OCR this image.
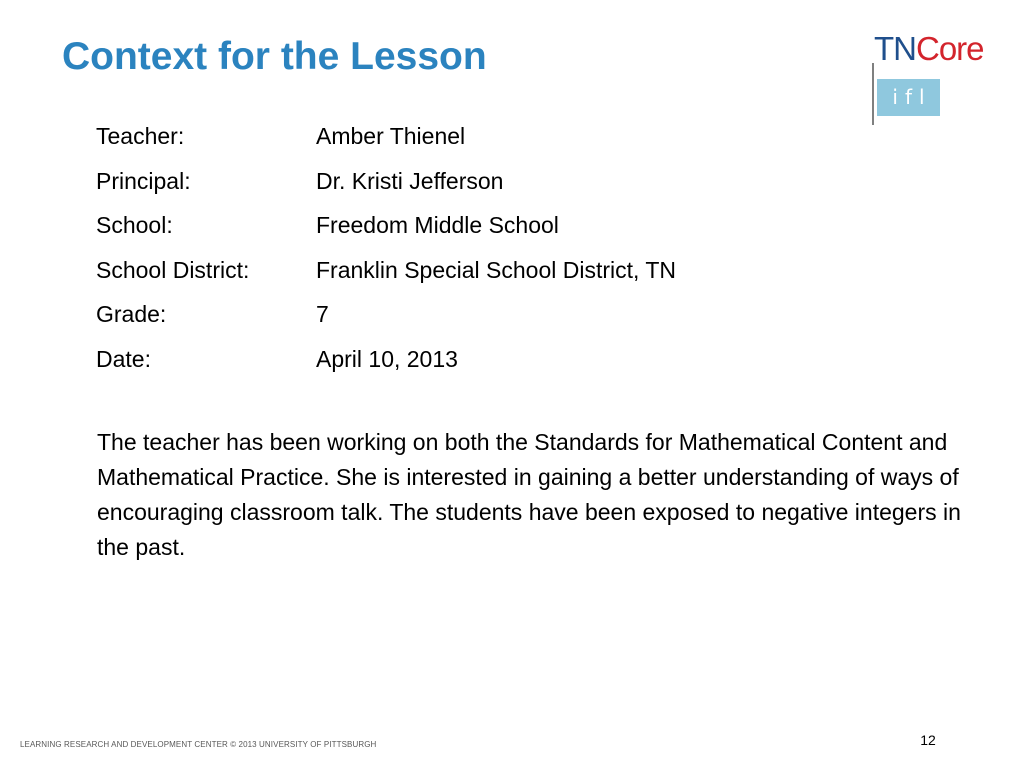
Context for the Lesson	TNCore
ifl
Teacher:	Amber Thienel
Principal:	Dr. Kristi Jefferson
School:	Freedom Middle School
School District:	Franklin Special School District, TN
Grade:	7
Date:	April 10, 2013

The teacher has been working on both the Standards for Mathematical Content and Mathematical Practice. She is interested in gaining a better understanding of ways of encouraging classroom talk. The students have been exposed to negative integers in the past.

LEARNING RESEARCH AND DEVELOPMENT CENTER © 2013 UNIVERSITY OF PITTSBURGH	12
